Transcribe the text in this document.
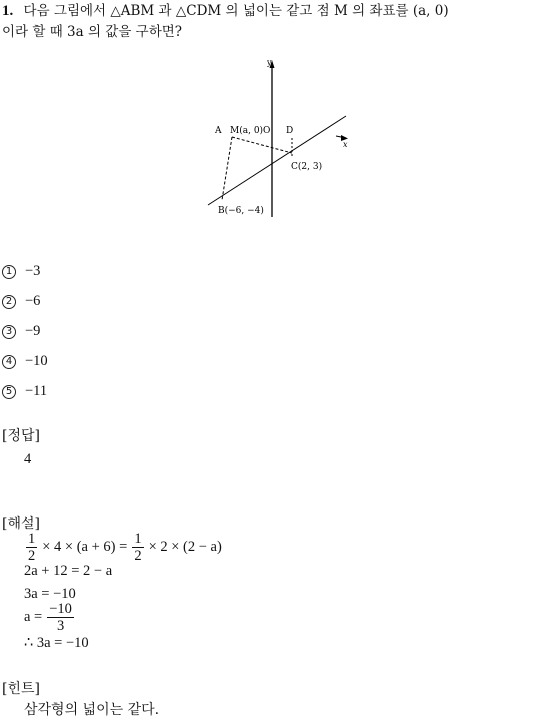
1. 다음 그림에서 △ABM 과 △CDM 의 넓이는 같고 점 M 의 좌표를 (a, 0)
이라 할 때 3a 의 값을 구하면?
y
x
A M(a, 0) O D
C(2, 3)
B(−6, −4)
1 −3
2 −6
3 −9
4 −10
5 −11
[정답]
4
[해설]
$\frac{1}{2} \times 4 \times (a + 6) = \frac{1}{2} \times 2 \times (2 - a)$
2a + 12 = 2 − a
3a = −10
$a = \frac{-10}{3}$
∴ 3a = −10
[힌트]
삼각형의 넓이는 같다.
